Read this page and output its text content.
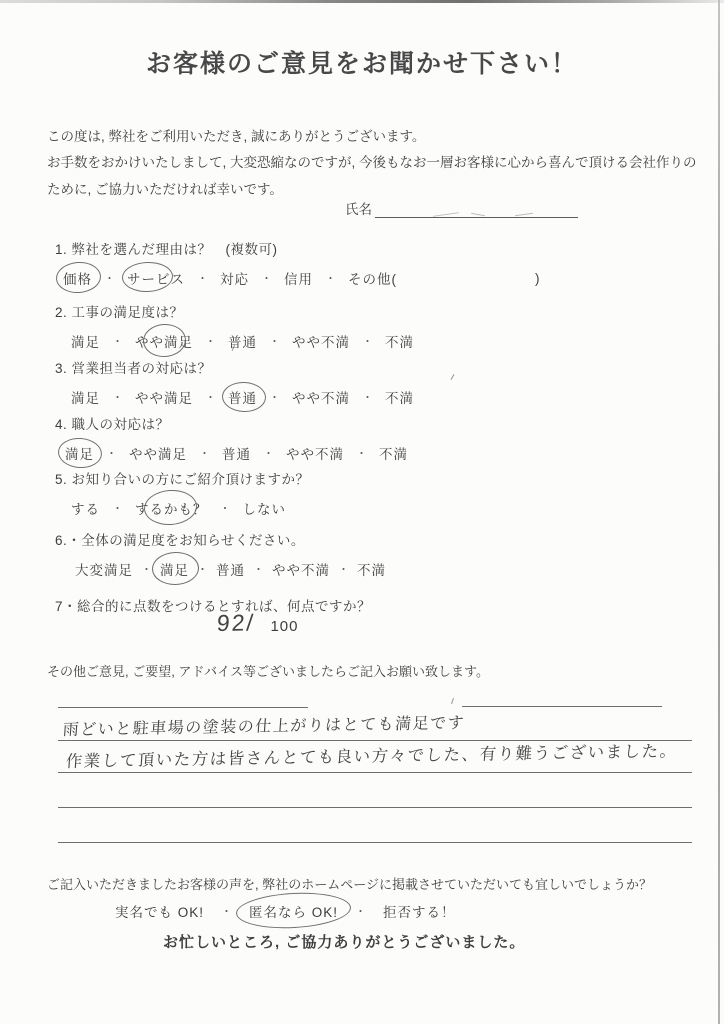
お客様のご意見をお聞かせ下さい！
この度は, 弊社をご利用いただき, 誠にありがとうございます。
お手数をおかけいたしまして, 大変恐縮なのですが, 今後もなお一層お客様に心から喜んで頂ける会社作りの
ために, ご協力いただければ幸いです。
氏名
1. 弊社を選んだ理由は？ (複数可)
価格 ・ サービス ・ 対応 ・ 信用 ・ その他(	)
2. 工事の満足度は？
満足 ・ やや満足 ・ 普通 ・ やや不満 ・ 不満
3. 営業担当者の対応は？
満足 ・ やや満足 ・ 普通 ・ やや不満 ・ 不満
4. 職人の対応は？
満足 ・ やや満足 ・ 普通 ・ やや不満 ・ 不満
5. お知り合いの方にご紹介頂けますか？
する ・ するかも？ ・ しない
6.・全体の満足度をお知らせください。
大変満足 ・ 満足 ・ 普通 ・ やや不満 ・ 不満
7・総合的に点数をつけるとすれば、何点ですか？
92/ 100
その他ご意見, ご要望, アドバイス等ございましたらご記入お願い致します。
雨どいと駐車場の塗装の仕上がりはとても満足です
作業して頂いた方は皆さんとても良い方々でした、有り難うございました。
ご記入いただきましたお客様の声を, 弊社のホームページに掲載させていただいても宜しいでしょうか？
実名でも OK! ・ 匿名なら OK! ・ 拒否する！
お忙しいところ, ご協力ありがとうございました。
